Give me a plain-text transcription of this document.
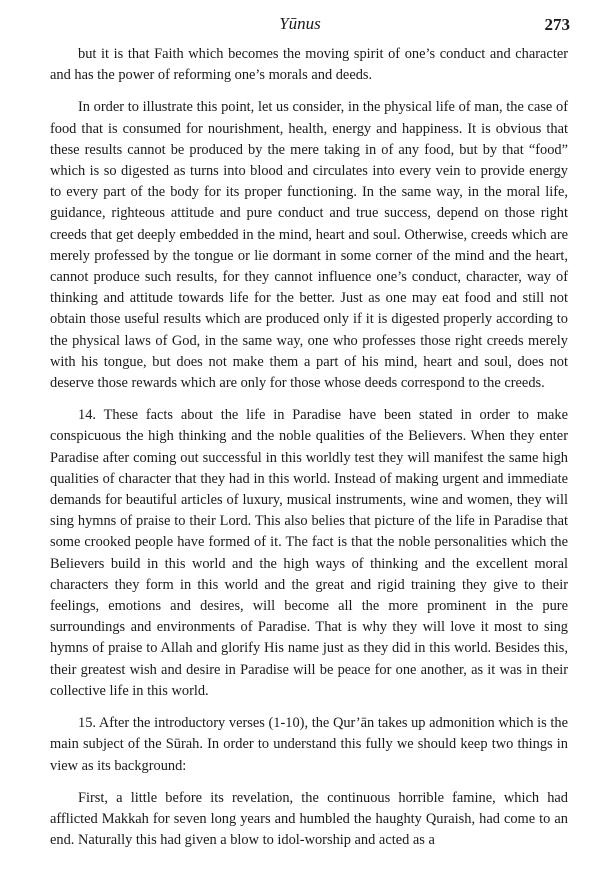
Yūnus	273

but it is that Faith which becomes the moving spirit of one’s conduct and character and has the power of reforming one’s morals and deeds.

In order to illustrate this point, let us consider, in the physical life of man, the case of food that is consumed for nourishment, health, energy and happiness. It is obvious that these results cannot be produced by the mere taking in of any food, but by that “food” which is so digested as turns into blood and circulates into every vein to provide energy to every part of the body for its proper functioning. In the same way, in the moral life, guidance, righteous attitude and pure conduct and true success, depend on those right creeds that get deeply embedded in the mind, heart and soul. Otherwise, creeds which are merely professed by the tongue or lie dormant in some corner of the mind and the heart, cannot produce such results, for they cannot influence one’s conduct, character, way of thinking and attitude towards life for the better. Just as one may eat food and still not obtain those useful results which are produced only if it is digested properly according to the physical laws of God, in the same way, one who professes those right creeds merely with his tongue, but does not make them a part of his mind, heart and soul, does not deserve those rewards which are only for those whose deeds correspond to the creeds.

14. These facts about the life in Paradise have been stated in order to make conspicuous the high thinking and the noble qualities of the Believers. When they enter Paradise after coming out successful in this worldly test they will manifest the same high qualities of character that they had in this world. Instead of making urgent and immediate demands for beautiful articles of luxury, musical instruments, wine and women, they will sing hymns of praise to their Lord. This also belies that picture of the life in Paradise that some crooked people have formed of it. The fact is that the noble personalities which the Believers build in this world and the high ways of thinking and the excellent moral characters they form in this world and the great and rigid training they give to their feelings, emotions and desires, will become all the more prominent in the pure surroundings and environments of Paradise. That is why they will love it most to sing hymns of praise to Allah and glorify His name just as they did in this world. Besides this, their greatest wish and desire in Paradise will be peace for one another, as it was in their collective life in this world.

15. After the introductory verses (1-10), the Qur’ān takes up admonition which is the main subject of the Sūrah. In order to understand this fully we should keep two things in view as its background:

First, a little before its revelation, the continuous horrible famine, which had afflicted Makkah for seven long years and humbled the haughty Quraish, had come to an end. Naturally this had given a blow to idol-worship and acted as a
